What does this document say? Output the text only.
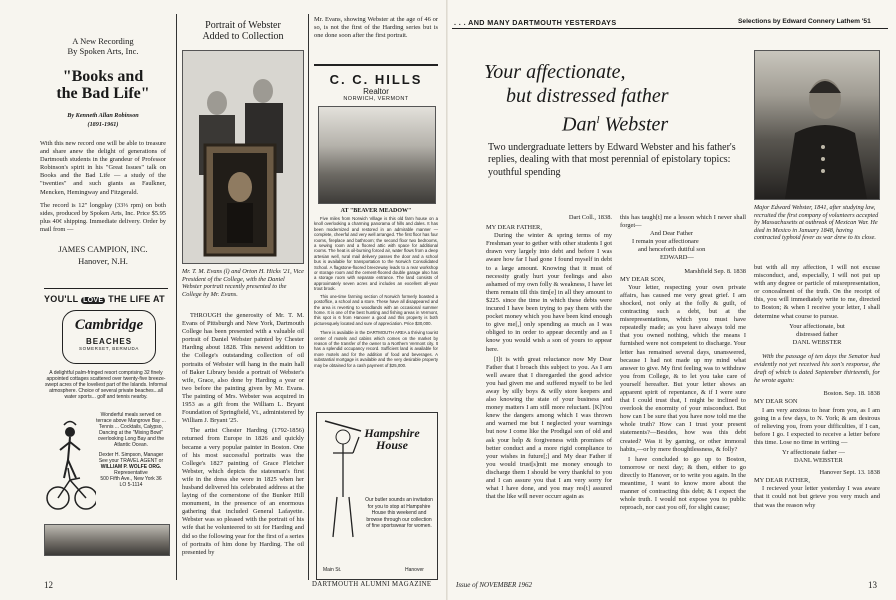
A New Recording
By Spoken Arts, Inc.
"Books and
the Bad Life"
By Kenneth Allan Robinson
(1891-1961)
With this new record one will be able to treasure and share anew the delight of generations of Dartmouth students in the grandeur of Professor Robinson's spirit in his "Great Issues" talk on Books and the Bad Life — a study of the "twenties" and such giants as Faulkner, Mencken, Hemingway and Fitzgerald.
The record is 12" longplay (33⅓ rpm) on both sides, produced by Spoken Arts, Inc. Price $5.95 plus 40¢ shipping. Immediate delivery. Order by mail from —
JAMES CAMPION, INC.
Hanover, N.H.
YOU'LL LOVE THE LIFE AT
Cambridge
BEACHES
SOMERSET, BERMUDA
A delightful palm-fringed resort comprising 32 finely appointed cottages scattered over twenty-five breeze-swept acres of the loveliest part of the Islands. Informal atmosphere. Choice of several private beaches...all water sports... golf and tennis nearby.
Wonderful meals served on terrace above Mangrove Bay ... Tennis ... Cocktails, Calypso, Dancing at the "Mixing Bowl" overlooking Long Bay and the Atlantic Ocean.
Dexter H. Simpson, Manager
See your TRAVEL AGENT or
WILLIAM P. WOLFE ORG.
Representative
500 Fifth Ave., New York 36
LO 5-1114
Portrait of Webster
Added to Collection
Mr. T. M. Evans (l) and Orton H. Hicks '21, Vice President of the College, with the Daniel Webster portrait recently presented to the College by Mr. Evans.

THROUGH the generosity of Mr. T. M. Evans of Pittsburgh and New York, Dartmouth College has been presented with a valuable oil portrait of Daniel Webster painted by Chester Harding about 1828. This newest addition to the College's outstanding collection of oil portraits of Webster will hang in the main hall of Baker Library beside a portrait of Webster's wife, Grace, also done by Harding a year or two before the painting given by Mr. Evans. The painting of Mrs. Webster was acquired in 1953 as a gift from the William L. Bryant Foundation of Springfield, Vt., administered by William J. Bryant '25.

The artist Chester Harding (1792-1856) returned from Europe in 1826 and quickly became a very popular painter in Boston. One of his most successful portraits was the College's 1827 painting of Grace Fletcher Webster, which depicts the statesman's first wife in the dress she wore in 1825 when her husband delivered his celebrated address at the laying of the cornerstone of the Bunker Hill monument, in the presence of an enormous gathering that included General Lafayette. Webster was so pleased with the portrait of his wife that he volunteered to sit for Harding and did so the following year for the first of a series of portraits of him done by Harding. The oil presented by

Mr. Evans, showing Webster at the age of 46 or so, is not the first of the Harding series but is one done soon after the first portrait.
C. C. HILLS
Realtor
NORWICH, VERMONT
AT "BEAVER MEADOW"

Five miles from Norwich Village is this old farm house on a knoll overlooking a charming panorama of hills and dales. It has been modernized and restored in an admirable manner — complete, cheerful and very well arranged. The first floor has four rooms, fireplace and bathroom; the second floor two bedrooms, a sewing room and a floored attic with space for additional rooms. The heat is oil-burning forced air, water flows from a deep artesian well, rural mail delivery passes the door and a school bus is available for transportation to the Norwich Consolidated School. A flagstone-floored breezeway leads to a rear workshop or storage room and the cement-floored double garage also has a storage room with separate entrance. The land consists of approximately seven acres and includes an excellent all-year trout brook.

This one-time farming section of Norwich formerly boasted a postoffice, a school and a store. These have all disappeared and the area is reverting to woodlands with an occasional summer home. It is one of the best hunting and fishing areas in Vermont, this spot is 6 from Hanover a good and this property is both picturesquely located and sure of appreciation. Price $30,000.

There is available in the DARTMOUTH AREA a thriving tourist center of motels and cabins which comes on the market by reason of the transfer of the owner to a Northern Vermont city. It has a splendid occupancy record. Sufficient land is available for more motels and for the addition of food and beverages. A substantial mortgage is available and the very desirable property may be obtained for a cash payment of $25,000.

Hampshire
House
Our butler sounds an invitation for you to stop at Hampshire House this weekend and browse through our collection of fine sportswear for women.
Main St.	Hanover
12	DARTMOUTH ALUMNI MAGAZINE
. . . AND MANY DARTMOUTH YESTERDAYS	Selections by Edward Connery Lathem '51
Your affectionate,
but distressed father
Dan$^l$ Webster
Two undergraduate letters by Edward Webster and his father's replies, dealing with that most perennial of epistolary topics: youthful spending
Major Edward Webster, 1841, after studying law, recruited the first company of volunteers accepted by Massachusetts at outbreak of Mexican War. He died in Mexico in January 1848, having contracted typhoid fever as war drew to its close.
Dart Coll., 1838.
MY DEAR FATHER,

During the winter & spring terms of my Freshman year to gether with other students I got drawn very largely into debt and before I was aware how far I had gone I found myself in debt to a large amount. Knowing that it must of necessity gratly hurt your feelings and also ashamed of my own folly & weakness, I have let them remain till this tim[e] in all they amount to $225. since the time in which these debts were incured I have been trying to pay them with the pocket money which you have been kind enough to give me[,] only spending as much as I was obliged to in order to appear decently and as I know you would wish a son of yours to appear here.

[I]t is with great reluctance now My Dear Father that I broach this subject to you. As I am well aware that I disregarded the good advice you had given me and suffered myself to be led away by silly boys & willy store keepers and also knowing the state of your business and money matters I am still more reluctant. [K]You knew the dangers among which I was thrown and warned me but I neglected your warnings but now I come like the Prodigal son of old and ask your help & forgiveness with promises of better conduct and a more rigid compliance to your wishes in future[;] and My dear Father if you would trust[s]mit me money enough to discharge them I should be very thankful to you and I can assure you that I am very sorry for what I have done, and you may res[t] assured that the like will never occurr again as

this has taugh[t] me a lesson which I never shall forget—
And Dear Father
I remain your affectionare
and henceforth dutiful son
EDWARD—
Marshfield Sep. 8. 1838
MY DEAR SON,

Your letter, respecting your own private affairs, has caused me very great grief. I am shocked, not only at the folly & guilt, of contracting such a debt, but at the misrepresentations, which you must have repeatedly made; as you have always told me that you owned nothing, which the means I furnished were not competent to discharge. Your letter has remained several days, unanswered, because I had not made up my mind what answer to give. My first feeling was to withdraw you from College, & to let you take care of yourself hereafter. But your letter shows an apparent spirit of repentance, & if I were sure that I could trust that, I might be inclined to overlook the enormity of your misconduct. But how can I be sure that you have now told me the whole truth? How can I trust your present statements?—Besides, how was this debt created? Was it by gaming, or other immoral habits,—or by mere thoughtlessness, & folly?

I have concluded to go up to Boston, tomorrow or next day; & then, either to go directly to Hanover, or to write you again. In the meantime, I want to know more about the manner of contracting this debt; & I expect the whole truth. I would not expose you to public reproach, nor cast you off, for slight cause;

but with all my affection, I will not excuse misconduct, and, especially, I will not put up with any degree or particle of misrepresentation, or concealment of the truth. On the receipt of this, you will immediately write to me, directed to Boston; & when I receive your letter, I shall determine what course to pursue.
Your affectionate, but
distressed father
DANL WEBSTER
With the passage of ten days the Senator had evidently not yet received his son's response, the draft of which is dated September thirteenth, for he wrote again:
Boston. Sep. 18. 1838
MY DEAR SON

I am very anxious to hear from you, as I am going in a few days, to N. York; & am desirous of relieving you, from your difficulties, if I can, before I go. I expected to receive a letter before this time. Lose no time in writing —

Yr affectionate father —
DANL WEBSTER
Hanover Sept. 13. 1838
MY DEAR FATHER,

I recieved your letter yesterday I was aware that it could not but grieve you very much and that was the reason why

Issue of NOVEMBER 1962	13
